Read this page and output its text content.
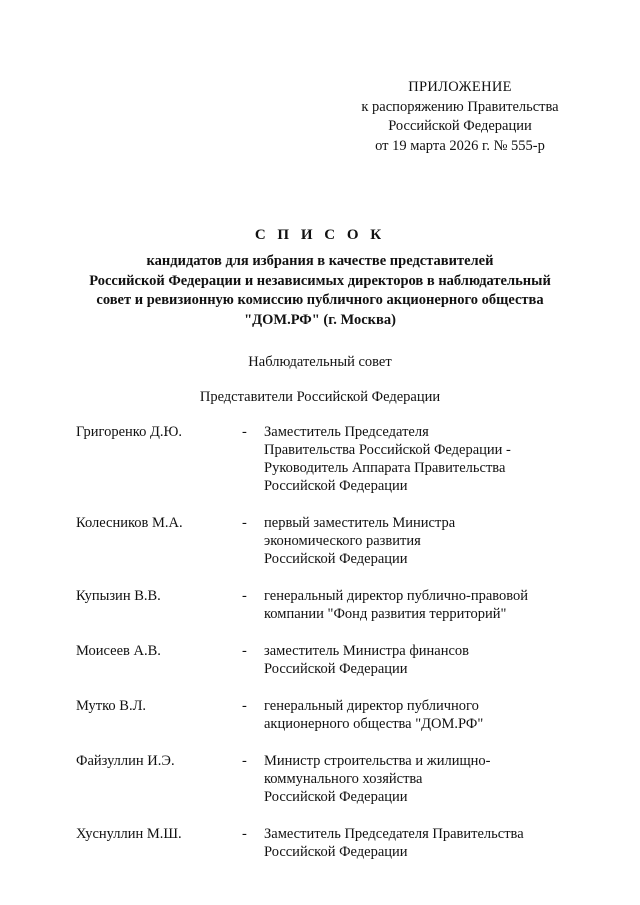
ПРИЛОЖЕНИЕ
к распоряжению Правительства
Российской Федерации
от 19 марта 2026 г. № 555-р
С П И С О К
кандидатов для избрания в качестве представителей
Российской Федерации и независимых директоров в наблюдательный
совет и ревизионную комиссию публичного акционерного общества
"ДОМ.РФ" (г. Москва)
Наблюдательный совет
Представители Российской Федерации
Григоренко Д.Ю.	-	Заместитель Председателя
Правительства Российской Федерации -
Руководитель Аппарата Правительства
Российской Федерации
Колесников М.А.	-	первый заместитель Министра
экономического развития
Российской Федерации
Купызин В.В.	-	генеральный директор публично-правовой
компании "Фонд развития территорий"
Моисеев А.В.	-	заместитель Министра финансов
Российской Федерации
Мутко В.Л.	-	генеральный директор публичного
акционерного общества "ДОМ.РФ"
Файзуллин И.Э.	-	Министр строительства и жилищно-
коммунального хозяйства
Российской Федерации
Хуснуллин М.Ш.	-	Заместитель Председателя Правительства
Российской Федерации
